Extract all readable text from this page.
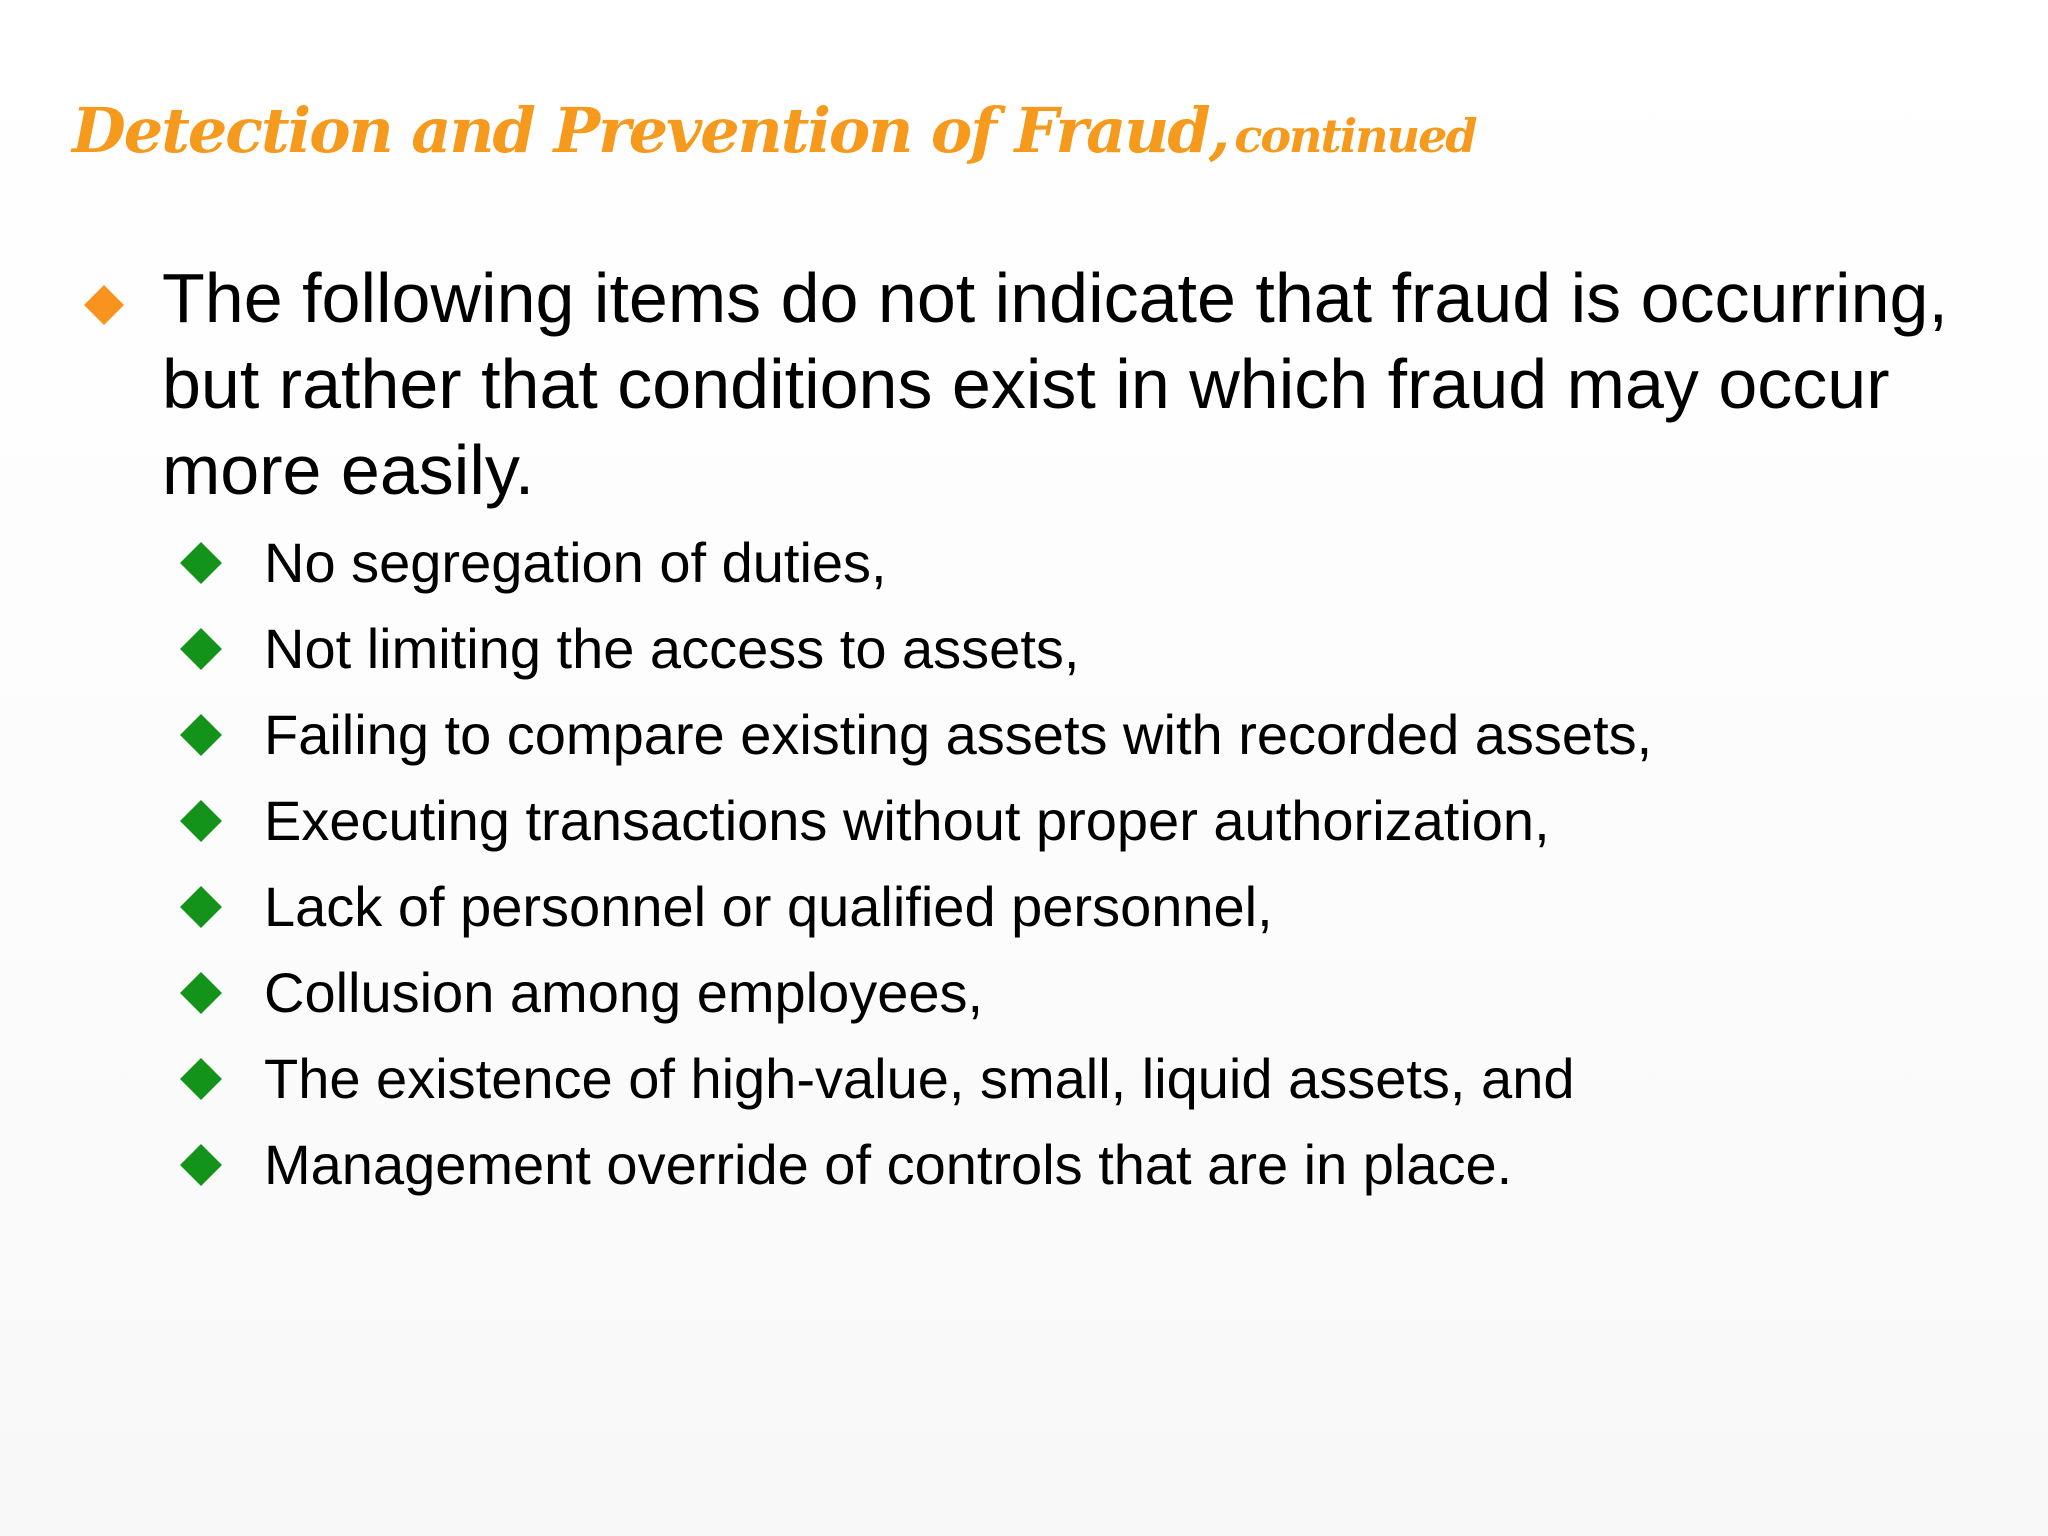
Detection and Prevention of Fraud, continued

The following items do not indicate that fraud is occurring, but rather that conditions exist in which fraud may occur more easily.

No segregation of duties,
Not limiting the access to assets,
Failing to compare existing assets with recorded assets,
Executing transactions without proper authorization,
Lack of personnel or qualified personnel,
Collusion among employees,
The existence of high-value, small, liquid assets, and
Management override of controls that are in place.
